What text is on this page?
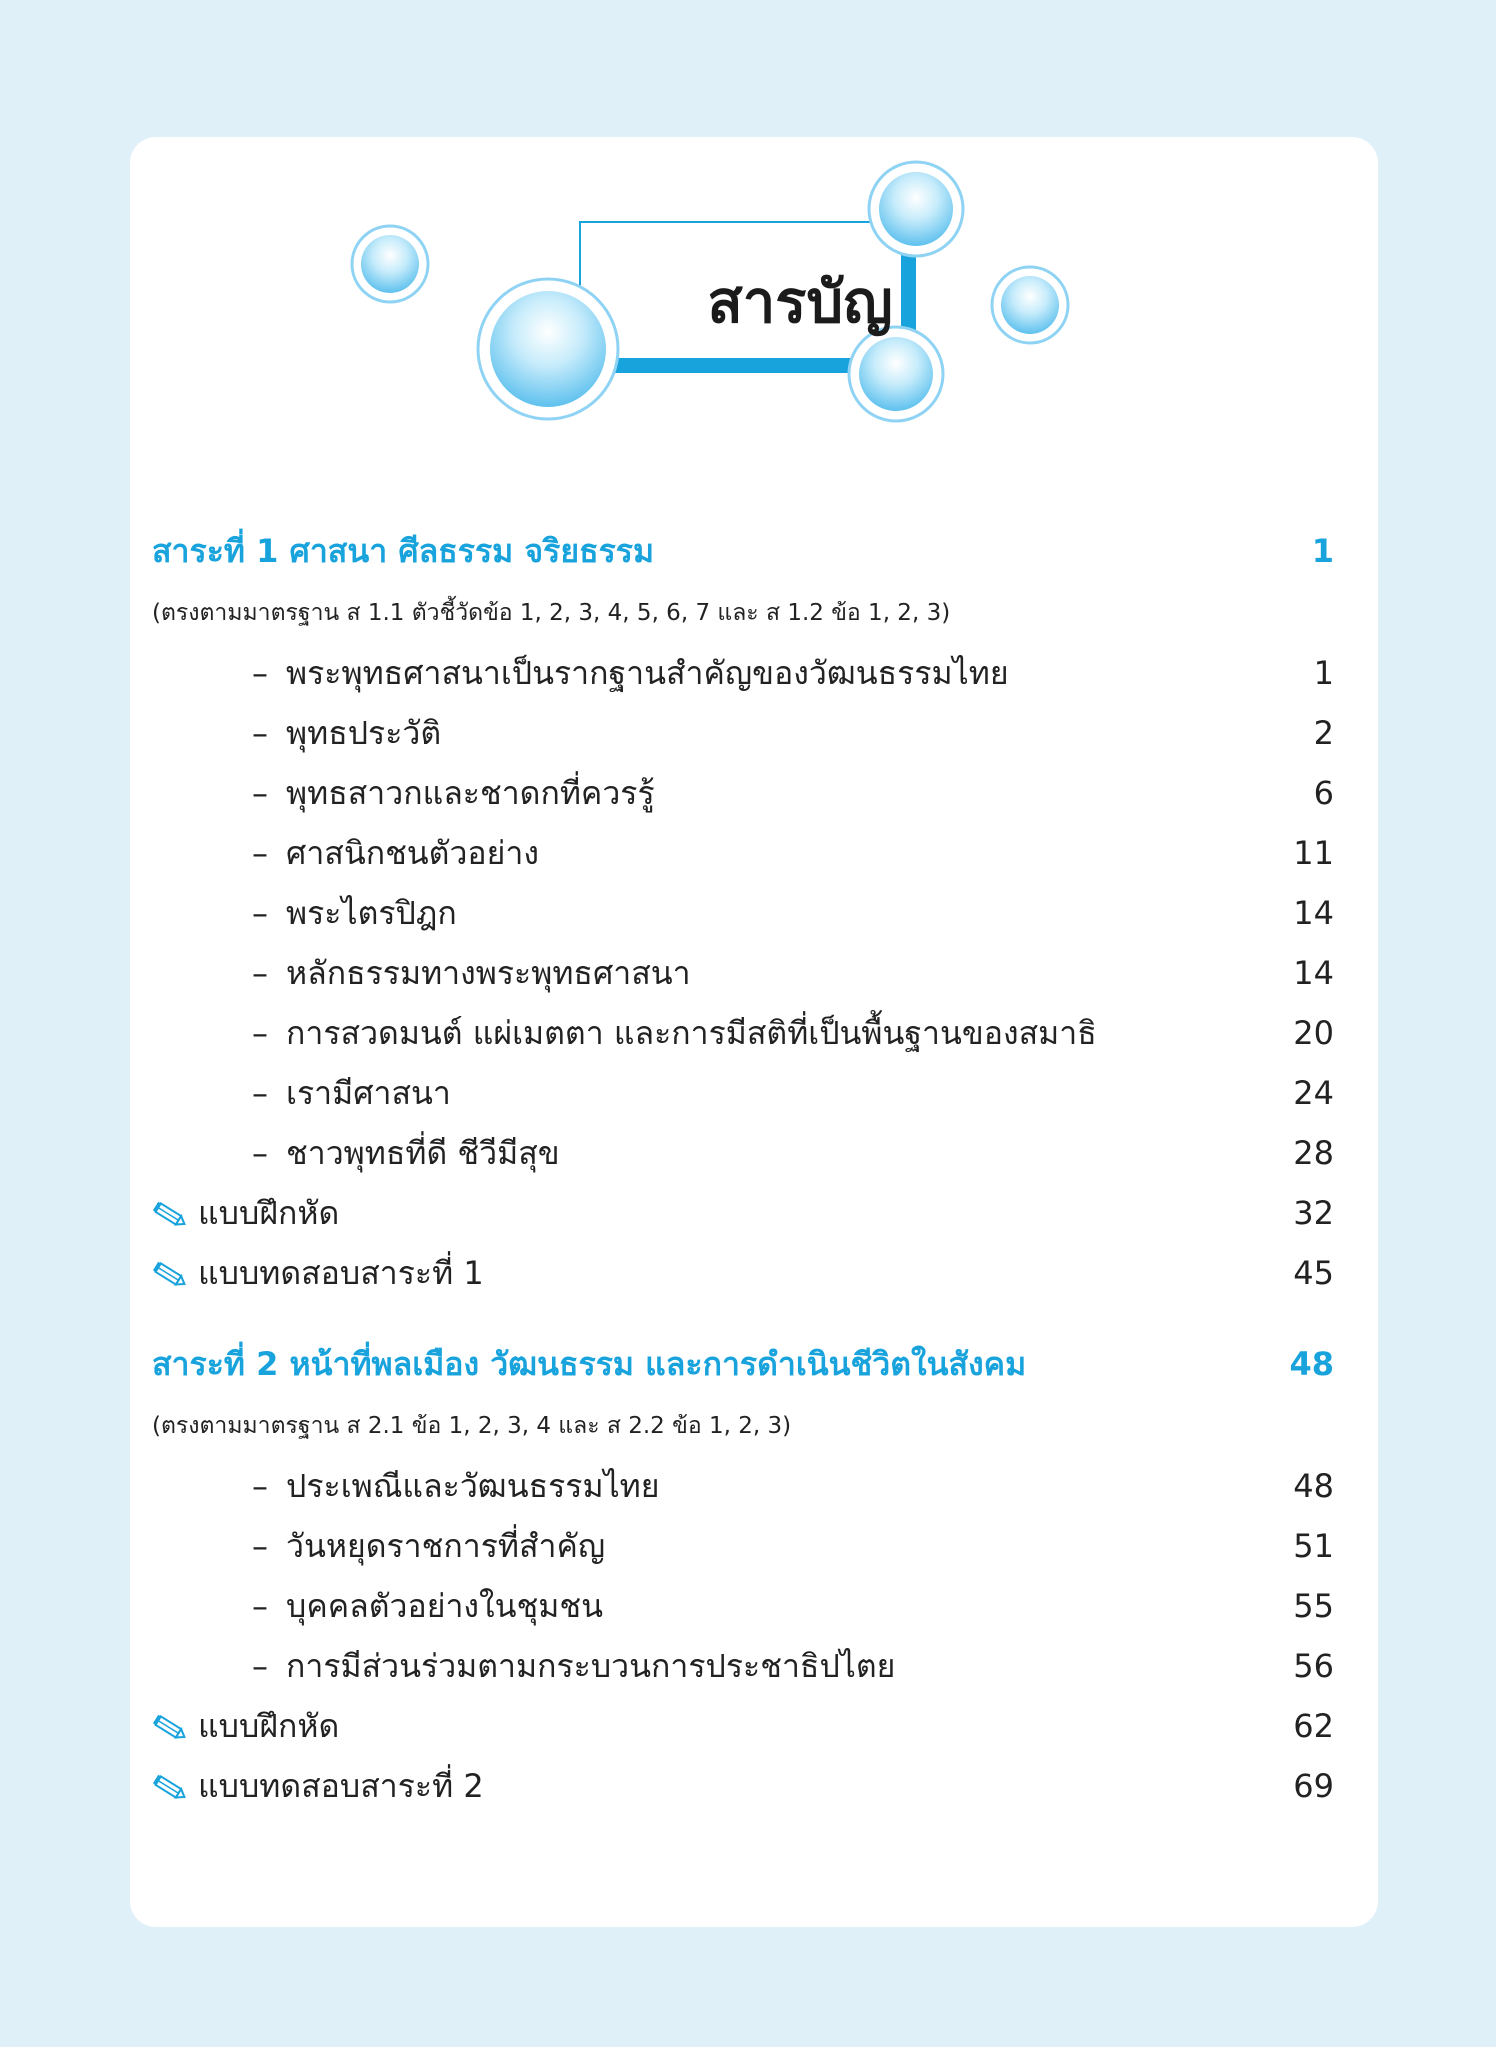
สารบัญ
สาระที่ 1 ศาสนา ศีลธรรม จริยธรรม	1
(ตรงตามมาตรฐาน ส 1.1 ตัวชี้วัดข้อ 1, 2, 3, 4, 5, 6, 7 และ ส 1.2 ข้อ 1, 2, 3)
– พระพุทธศาสนาเป็นรากฐานสำคัญของวัฒนธรรมไทย	1
– พุทธประวัติ	2
– พุทธสาวกและชาดกที่ควรรู้	6
– ศาสนิกชนตัวอย่าง	11
– พระไตรปิฎก	14
– หลักธรรมทางพระพุทธศาสนา	14
– การสวดมนต์ แผ่เมตตา และการมีสติที่เป็นพื้นฐานของสมาธิ	20
– เรามีศาสนา	24
– ชาวพุทธที่ดี ชีวีมีสุข	28
แบบฝึกหัด	32
แบบทดสอบสาระที่ 1	45
สาระที่ 2 หน้าที่พลเมือง วัฒนธรรม และการดำเนินชีวิตในสังคม	48
(ตรงตามมาตรฐาน ส 2.1 ข้อ 1, 2, 3, 4 และ ส 2.2 ข้อ 1, 2, 3)
– ประเพณีและวัฒนธรรมไทย	48
– วันหยุดราชการที่สำคัญ	51
– บุคคลตัวอย่างในชุมชน	55
– การมีส่วนร่วมตามกระบวนการประชาธิปไตย	56
แบบฝึกหัด	62
แบบทดสอบสาระที่ 2	69
